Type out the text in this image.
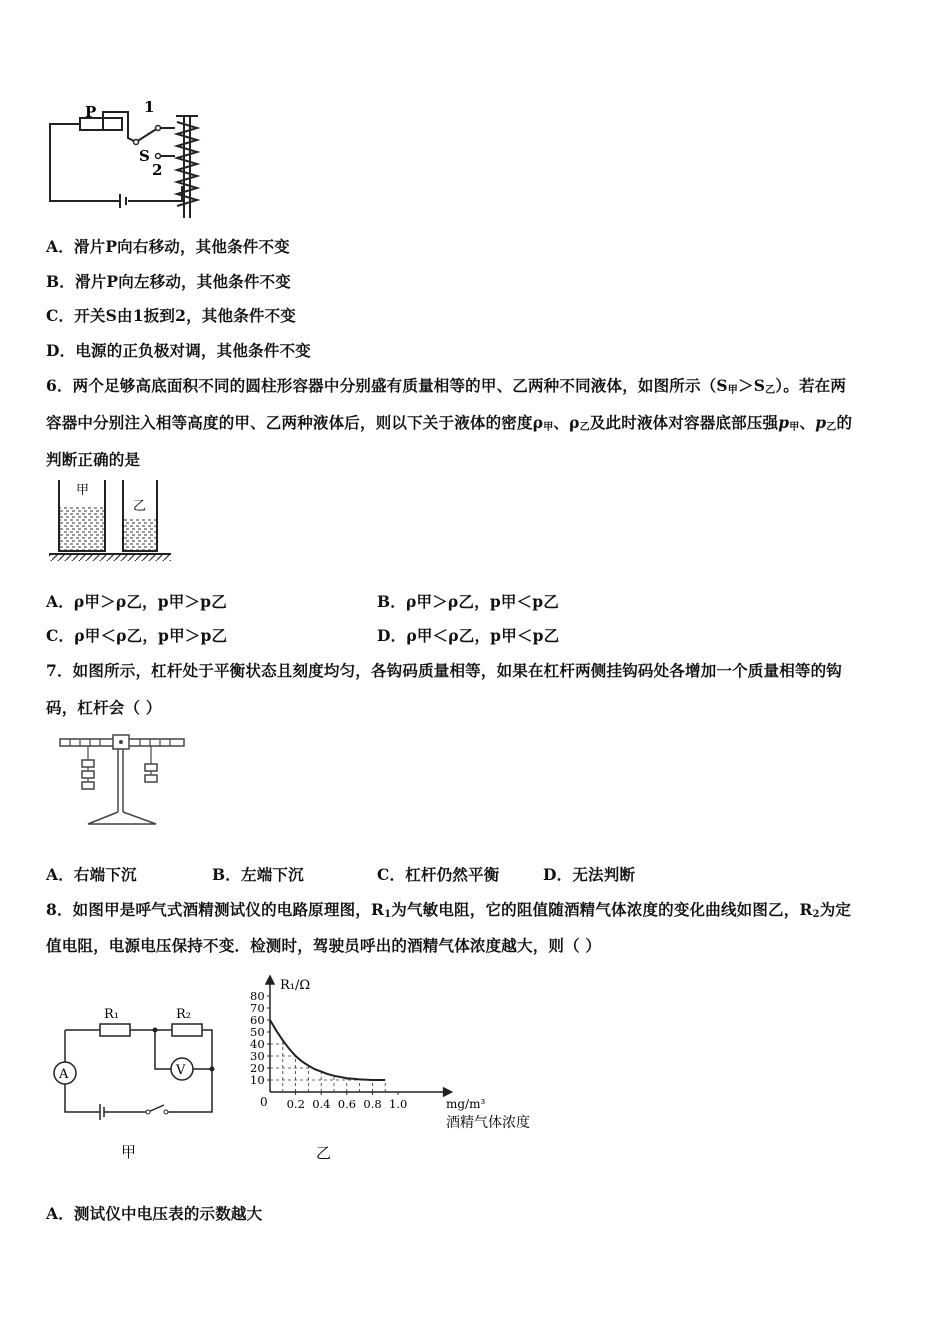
P	1
S
2
A．滑片P向右移动，其他条件不变
B．滑片P向左移动，其他条件不变
C．开关S由1扳到2，其他条件不变
D．电源的正负极对调，其他条件不变
6．两个足够高底面积不同的圆柱形容器中分别盛有质量相等的甲、乙两种不同液体，如图所示$(S_甲>S_乙)$。若在两
容器中分别注入相等高度的甲、乙两种液体后，则以下关于液体的密度$\rho_甲$、$\rho_乙$及此时液体对容器底部压强$p_甲$、$p_乙$的
判断正确的是
甲
乙
A．ρ甲＞ρ乙，p甲＞p乙	B．ρ甲＞ρ乙，p甲＜p乙
C．ρ甲＜ρ乙，p甲＞p乙	D．ρ甲＜ρ乙，p甲＜p乙
7．如图所示，杠杆处于平衡状态且刻度均匀，各钩码质量相等，如果在杠杆两侧挂钩码处各增加一个质量相等的钩
码，杠杆会（ ）
A．右端下沉	B．左端下沉	C．杠杆仍然平衡	D．无法判断
8．如图甲是呼气式酒精测试仪的电路原理图，$R_1$为气敏电阻，它的阻值随酒精气体浓度的变化曲线如图乙，$R_2$为定
值电阻，电源电压保持不变．检测时，驾驶员呼出的酒精气体浓度越大，则（ ）
A	V
R₁	R₂
甲
0
10
20
30
40
50
60
70
80
0.2 0.4 0.6 0.8 1.0
R₁/Ω
mg/m³
酒精气体浓度
乙
A．测试仪中电压表的示数越大
